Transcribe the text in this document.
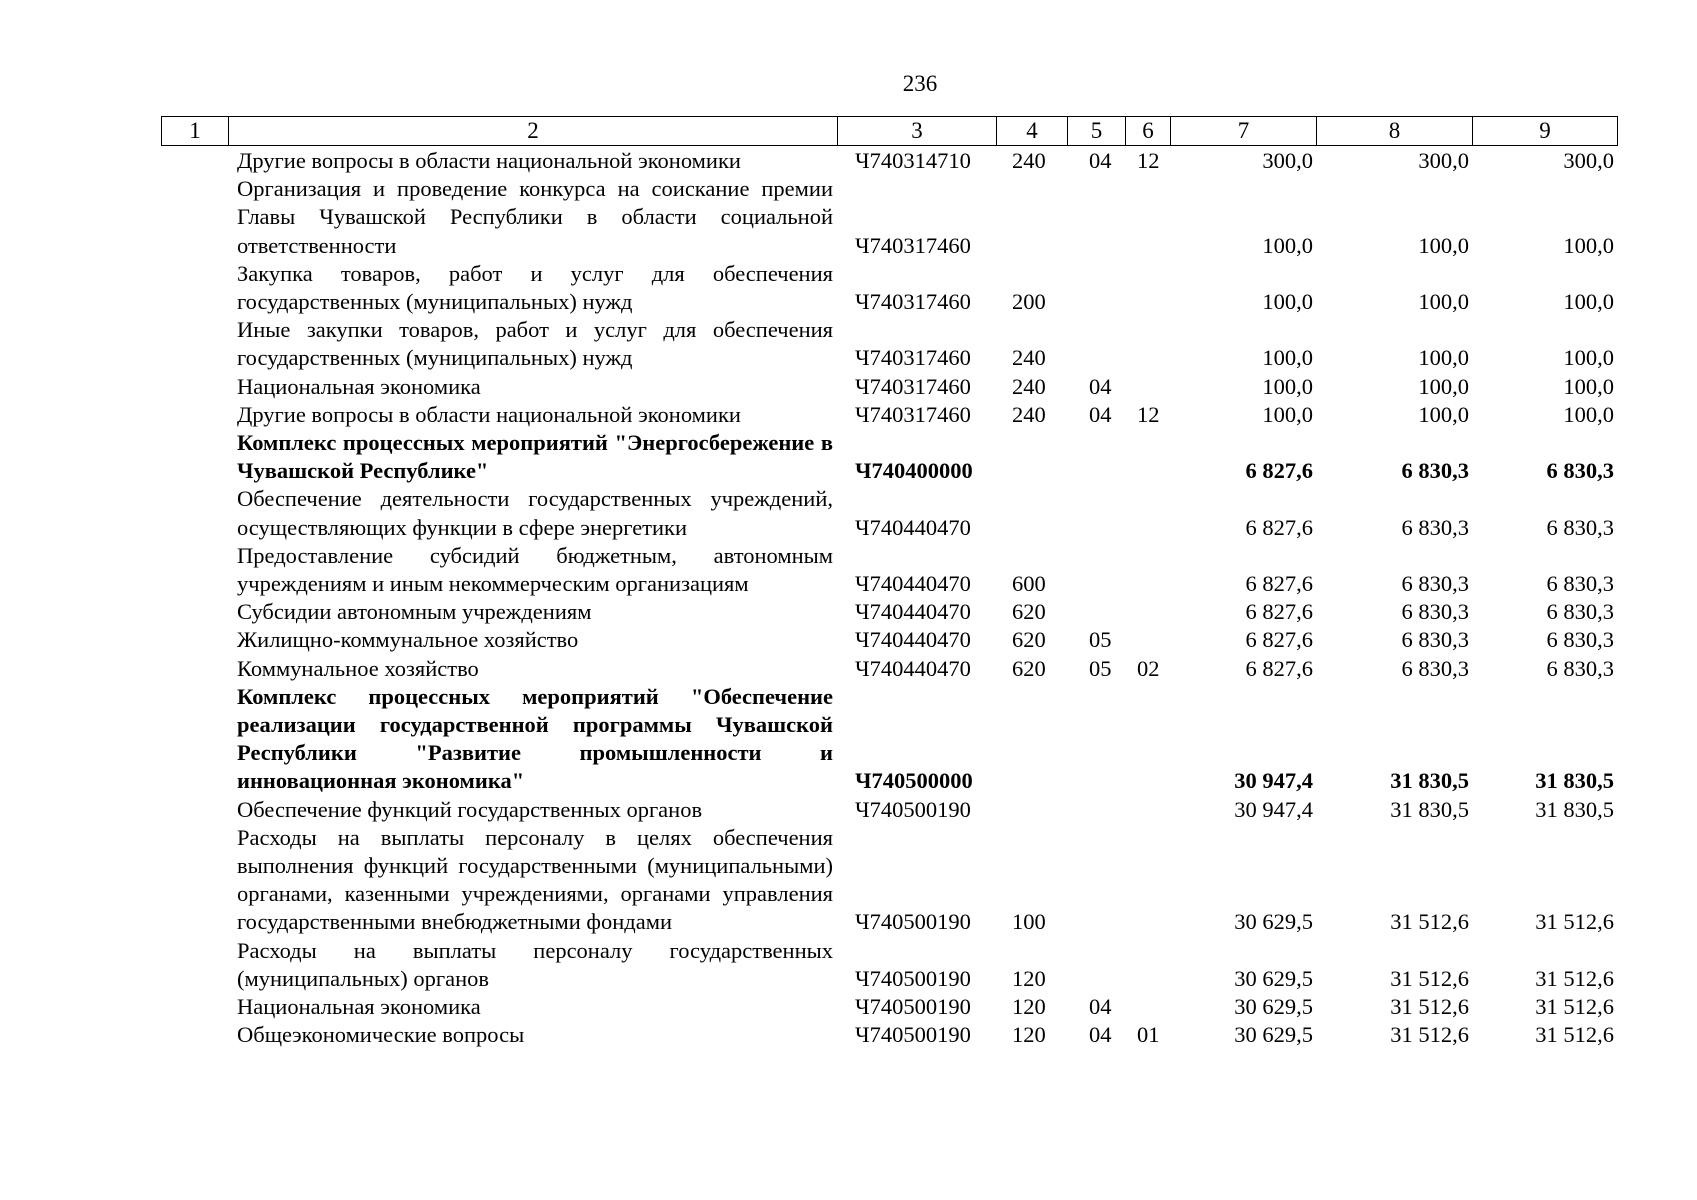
236
1	2	3	4	5	6	7	8	9
Другие вопросы в области национальной экономики	Ч740314710	240	04	12	300,0	300,0	300,0
Организация и проведение конкурса на соискание премии Главы Чувашской Республики в области социальной ответственности	Ч740317460				100,0	100,0	100,0
Закупка товаров, работ и услуг для обеспечения государственных (муниципальных) нужд	Ч740317460	200			100,0	100,0	100,0
Иные закупки товаров, работ и услуг для обеспечения государственных (муниципальных) нужд	Ч740317460	240			100,0	100,0	100,0
Национальная экономика	Ч740317460	240	04		100,0	100,0	100,0
Другие вопросы в области национальной экономики	Ч740317460	240	04	12	100,0	100,0	100,0
Комплекс процессных мероприятий "Энергосбережение в Чувашской Республике"	Ч740400000				6 827,6	6 830,3	6 830,3
Обеспечение деятельности государственных учреждений, осуществляющих функции в сфере энергетики	Ч740440470				6 827,6	6 830,3	6 830,3
Предоставление субсидий бюджетным, автономным учреждениям и иным некоммерческим организациям	Ч740440470	600			6 827,6	6 830,3	6 830,3
Субсидии автономным учреждениям	Ч740440470	620			6 827,6	6 830,3	6 830,3
Жилищно-коммунальное хозяйство	Ч740440470	620	05		6 827,6	6 830,3	6 830,3
Коммунальное хозяйство	Ч740440470	620	05	02	6 827,6	6 830,3	6 830,3
Комплекс процессных мероприятий "Обеспечение реализации государственной программы Чувашской Республики "Развитие промышленности и инновационная экономика"	Ч740500000				30 947,4	31 830,5	31 830,5
Обеспечение функций государственных органов	Ч740500190				30 947,4	31 830,5	31 830,5
Расходы на выплаты персоналу в целях обеспечения выполнения функций государственными (муниципальными) органами, казенными учреждениями, органами управления государственными внебюджетными фондами	Ч740500190	100			30 629,5	31 512,6	31 512,6
Расходы на выплаты персоналу государственных (муниципальных) органов	Ч740500190	120			30 629,5	31 512,6	31 512,6
Национальная экономика	Ч740500190	120	04		30 629,5	31 512,6	31 512,6
Общеэкономические вопросы	Ч740500190	120	04	01	30 629,5	31 512,6	31 512,6
